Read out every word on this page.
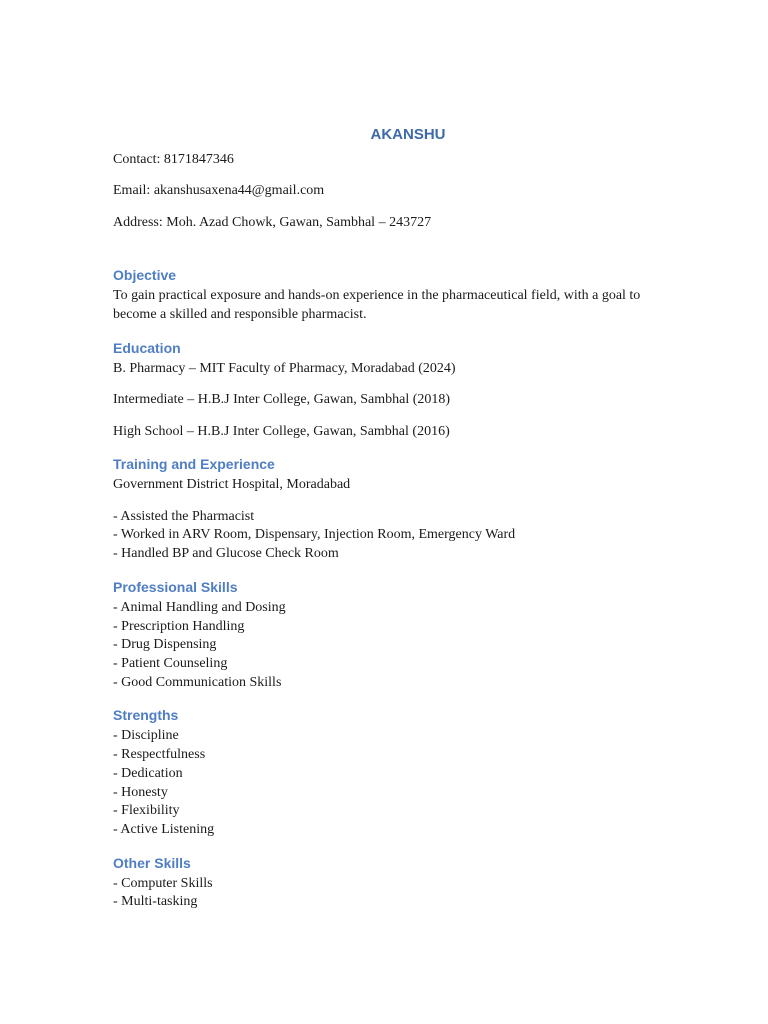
AKANSHU

Contact: 8171847346

Email: akanshusaxena44@gmail.com

Address: Moh. Azad Chowk, Gawan, Sambhal – 243727

Objective

To gain practical exposure and hands-on experience in the pharmaceutical field, with a goal to become a skilled and responsible pharmacist.

Education

B. Pharmacy – MIT Faculty of Pharmacy, Moradabad (2024)

Intermediate – H.B.J Inter College, Gawan, Sambhal (2018)

High School – H.B.J Inter College, Gawan, Sambhal (2016)

Training and Experience

Government District Hospital, Moradabad

- Assisted the Pharmacist

- Worked in ARV Room, Dispensary, Injection Room, Emergency Ward

- Handled BP and Glucose Check Room

Professional Skills

- Animal Handling and Dosing

- Prescription Handling

- Drug Dispensing

- Patient Counseling

- Good Communication Skills

Strengths

- Discipline

- Respectfulness

- Dedication

- Honesty

- Flexibility

- Active Listening

Other Skills

- Computer Skills

- Multi-tasking
